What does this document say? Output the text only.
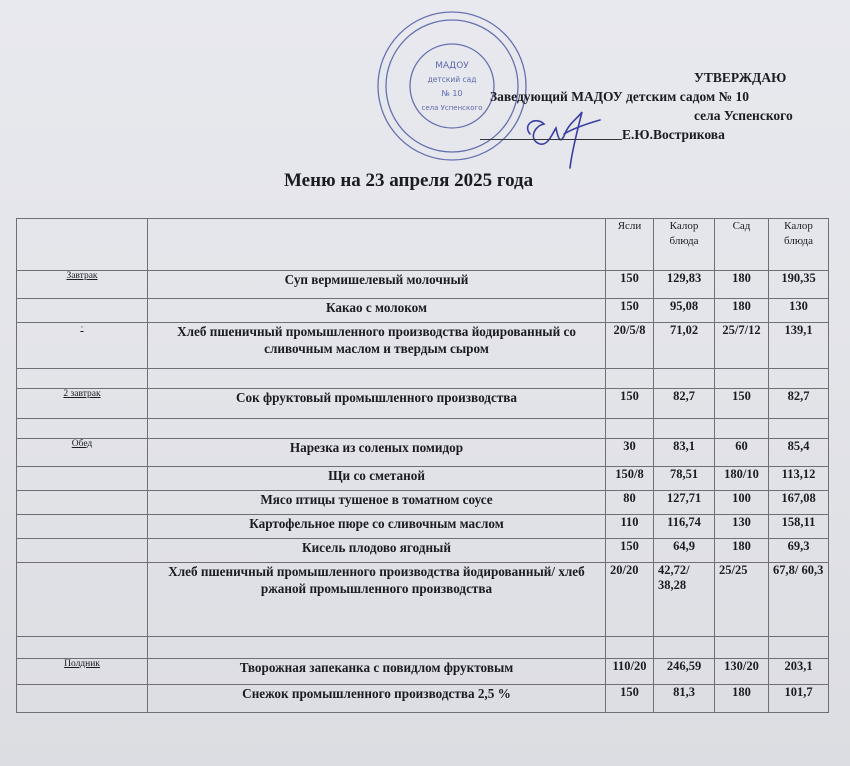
МАДОУ
детский сад
№ 10
села Успенского
УТВЕРЖДАЮ
Заведующий МАДОУ детским садом № 10
села Успенского
Е.Ю.Вострикова
Меню на 23 апреля 2025 года
		Ясли	Калор блюда	Сад	Калор блюда
Завтрак	Суп вермишелевый молочный	150	129,83	180	190,35
	Какао с молоком	150	95,08	180	130
·	Хлеб пшеничный промышленного производства йодированный со сливочным маслом и твердым сыром	20/5/8	71,02	25/7/12	139,1

2 завтрак	Сок фруктовый промышленного производства	150	82,7	150	82,7

Обед	Нарезка из соленых помидор	30	83,1	60	85,4
	Щи со сметаной	150/8	78,51	180/10	113,12
	Мясо птицы тушеное в томатном соусе	80	127,71	100	167,08
	Картофельное пюре со сливочным маслом	110	116,74	130	158,11
	Кисель плодово ягодный	150	64,9	180	69,3
	Хлеб пшеничный промышленного производства йодированный/ хлеб ржаной промышленного производства	20/20	42,72/ 38,28	25/25	67,8/ 60,3

Полдник	Творожная запеканка с повидлом фруктовым	110/20	246,59	130/20	203,1
	Снежок промышленного производства 2,5 %	150	81,3	180	101,7
